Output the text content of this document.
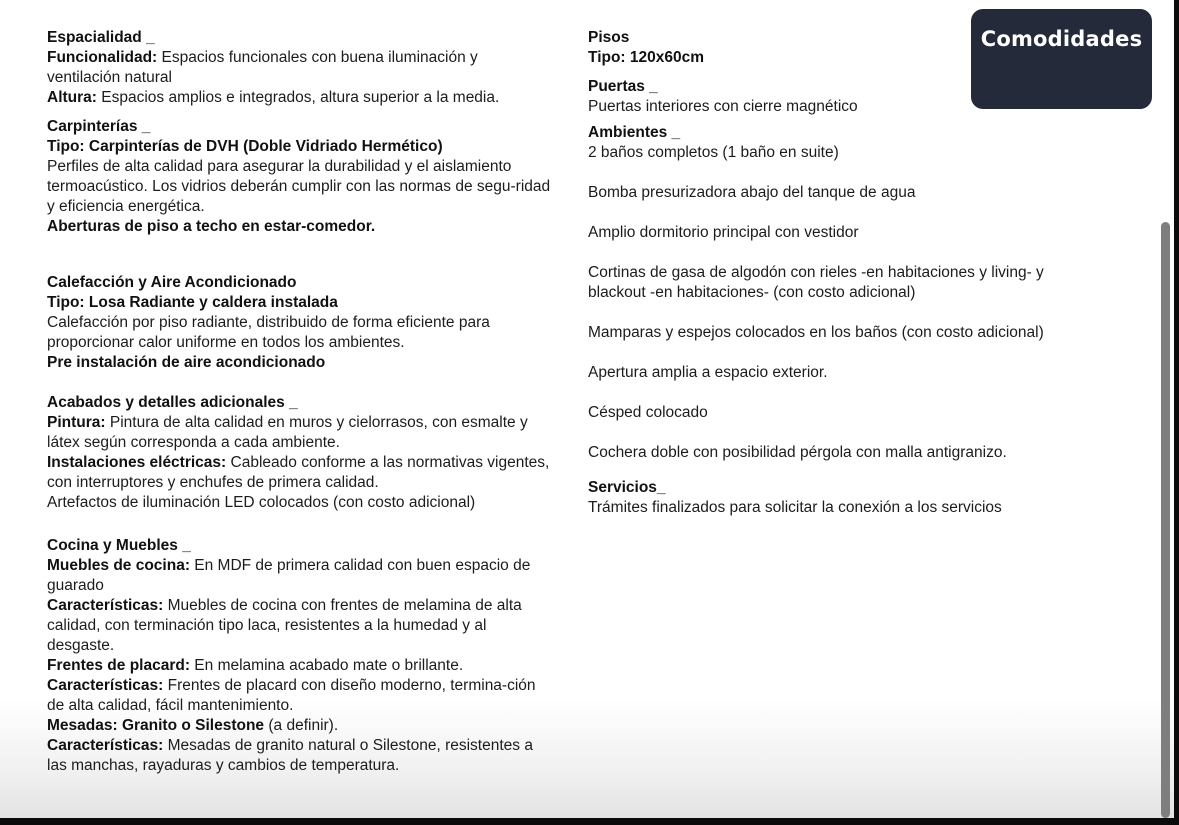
Espacialidad _

Funcionalidad: Espacios funcionales con buena iluminación y ventilación natural

Altura: Espacios amplios e integrados, altura superior a la media.

Carpinterías _

Tipo: Carpinterías de DVH (Doble Vidriado Hermético)

Perfiles de alta calidad para asegurar la durabilidad y el aislamiento termoacústico. Los vidrios deberán cumplir con las normas de segu-ridad y eficiencia energética.

Aberturas de piso a techo en estar-comedor.

Calefacción y Aire Acondicionado

Tipo: Losa Radiante y caldera instalada

Calefacción por piso radiante, distribuido de forma eficiente para proporcionar calor uniforme en todos los ambientes.

Pre instalación de aire acondicionado

Acabados y detalles adicionales _

Pintura: Pintura de alta calidad en muros y cielorrasos, con esmalte y látex según corresponda a cada ambiente.

Instalaciones eléctricas: Cableado conforme a las normativas vigentes, con interruptores y enchufes de primera calidad.

Artefactos de iluminación LED colocados (con costo adicional)

Cocina y Muebles _

Muebles de cocina: En MDF de primera calidad con buen espacio de guarado

Características: Muebles de cocina con frentes de melamina de alta calidad, con terminación tipo laca, resistentes a la humedad y al desgaste.

Frentes de placard: En melamina acabado mate o brillante.

Características: Frentes de placard con diseño moderno, termina-ción de alta calidad, fácil mantenimiento.

Mesadas: Granito o Silestone (a definir).

Características: Mesadas de granito natural o Silestone, resistentes a las manchas, rayaduras y cambios de temperatura.

Pisos

Tipo: 120x60cm

Puertas _

Puertas interiores con cierre magnético

Ambientes _

2 baños completos (1 baño en suite)

Bomba presurizadora abajo del tanque de agua

Amplio dormitorio principal con vestidor

Cortinas de gasa de algodón con rieles -en habitaciones y living- y blackout -en habitaciones- (con costo adicional)

Mamparas y espejos colocados en los baños (con costo adicional)

Apertura amplia a espacio exterior.

Césped colocado

Cochera doble con posibilidad pérgola con malla antigranizo.

Servicios_

Trámites finalizados para solicitar la conexión a los servicios

Comodidades
